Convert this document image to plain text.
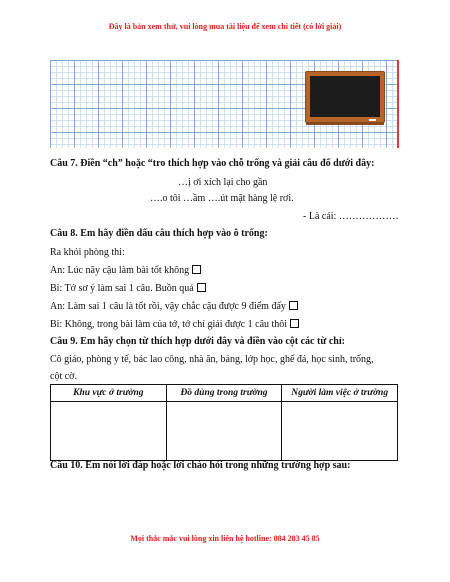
Đây là bản xem thử, vui lòng mua tài liệu để xem chi tiết (có lời giải)
Câu 7. Điền “ch” hoặc “tro thích hợp vào chỗ trống và giải câu đố dưới đây:
…ị ơi xích lại cho gần
….o tôi …ầm ….út mặt hàng lệ rơi.
- Là cái: ………………
Câu 8. Em hãy điền dấu câu thích hợp vào ô trống:
Ra khỏi phòng thi:
An: Lúc nãy cậu làm bài tốt không
Bi: Tớ sơ ý làm sai 1 câu. Buồn quá
An: Làm sai 1 câu là tốt rồi, vậy chắc cậu được 9 điểm đấy
Bi: Không, trong bài làm của tớ, tớ chỉ giải được 1 câu thôi
Câu 9. Em hãy chọn từ thích hợp dưới đây và điền vào cột các từ chỉ:
Cô giáo, phòng y tế, bác lao công, nhà ăn, bảng, lớp học, ghế đá, học sinh, trống,
cột cờ.
Khu vực ở trường	Đồ dùng trong trường	Người làm việc ở trường

Câu 10. Em nói lời đáp hoặc lời chào hỏi trong những trường hợp sau:
Mọi thắc mắc vui lòng xin liên hệ hotline: 084 283 45 85
